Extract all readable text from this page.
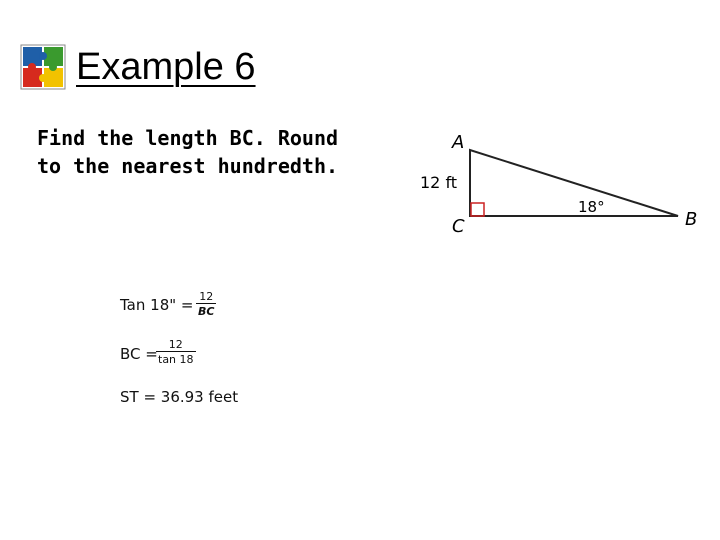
Example 6
Find the length BC. Round
to the nearest hundredth.
A
C	B
12 ft
18°
Tan 18" = $\frac{12}{BC}$
BC =
$\frac{12}{\tan 18}$
ST = 36.93 feet
